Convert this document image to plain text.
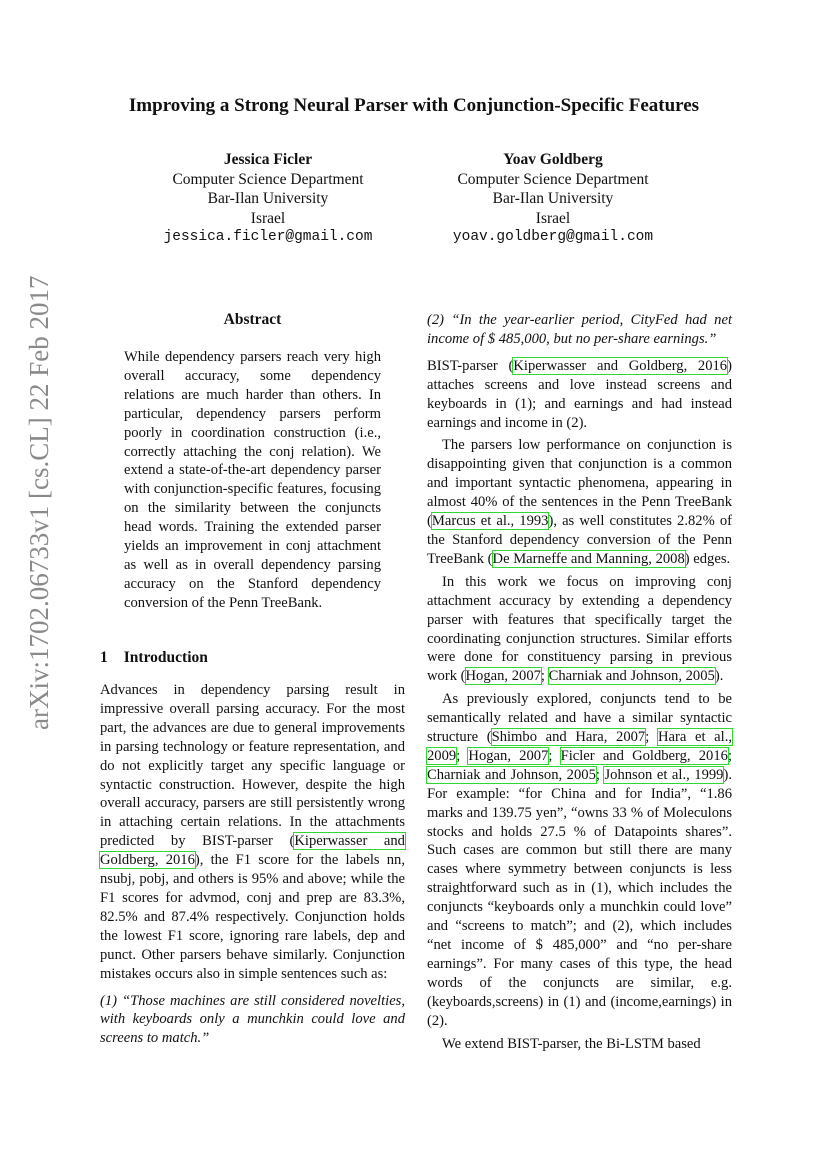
Improving a Strong Neural Parser with Conjunction-Specific Features
Jessica Ficler
Computer Science Department
Bar-Ilan University
Israel
jessica.ficler@gmail.com
Yoav Goldberg
Computer Science Department
Bar-Ilan University
Israel
yoav.goldberg@gmail.com
arXiv:1702.06733v1 [cs.CL] 22 Feb 2017	Abstract
While dependency parsers reach very high overall accuracy, some dependency relations are much harder than others. In particular, dependency parsers perform poorly in coordination construction (i.e., correctly attaching the conj relation). We extend a state-of-the-art dependency parser with conjunction-specific features, focusing on the similarity between the conjuncts head words. Training the extended parser yields an improvement in conj attachment as well as in overall dependency parsing accuracy on the Stanford dependency conversion of the Penn TreeBank.
1 Introduction

Advances in dependency parsing result in impressive overall parsing accuracy. For the most part, the advances are due to general improvements in parsing technology or feature representation, and do not explicitly target any specific language or syntactic construction. However, despite the high overall accuracy, parsers are still persistently wrong in attaching certain relations. In the attachments predicted by BIST-parser (Kiperwasser and Goldberg, 2016), the F1 score for the labels nn, nsubj, pobj, and others is 95% and above; while the F1 scores for advmod, conj and prep are 83.3%, 82.5% and 87.4% respectively. Conjunction holds the lowest F1 score, ignoring rare labels, dep and punct. Other parsers behave similarly. Conjunction mistakes occurs also in simple sentences such as:

(1) “Those machines are still considered novelties, with keyboards only a munchkin could love and screens to match.”

(2) “In the year-earlier period, CityFed had net income of $ 485,000, but no per-share earnings.”

BIST-parser (Kiperwasser and Goldberg, 2016) attaches screens and love instead screens and keyboards in (1); and earnings and had instead earnings and income in (2).

The parsers low performance on conjunction is disappointing given that conjunction is a common and important syntactic phenomena, appearing in almost 40% of the sentences in the Penn TreeBank (Marcus et al., 1993), as well constitutes 2.82% of the Stanford dependency conversion of the Penn TreeBank (De Marneffe and Manning, 2008) edges.

In this work we focus on improving conj attachment accuracy by extending a dependency parser with features that specifically target the coordinating conjunction structures. Similar efforts were done for constituency parsing in previous work (Hogan, 2007; Charniak and Johnson, 2005).

As previously explored, conjuncts tend to be semantically related and have a similar syntactic structure (Shimbo and Hara, 2007; Hara et al., 2009; Hogan, 2007; Ficler and Goldberg, 2016; Charniak and Johnson, 2005; Johnson et al., 1999). For example: “for China and for India”, “1.86 marks and 139.75 yen”, “owns 33 % of Moleculons stocks and holds 27.5 % of Datapoints shares”. Such cases are common but still there are many cases where symmetry between conjuncts is less straightforward such as in (1), which includes the conjuncts “keyboards only a munchkin could love” and “screens to match”; and (2), which includes “net income of $ 485,000” and “no per-share earnings”. For many cases of this type, the head words of the conjuncts are similar, e.g. (keyboards,screens) in (1) and (income,earnings) in (2).

We extend BIST-parser, the Bi-LSTM based
